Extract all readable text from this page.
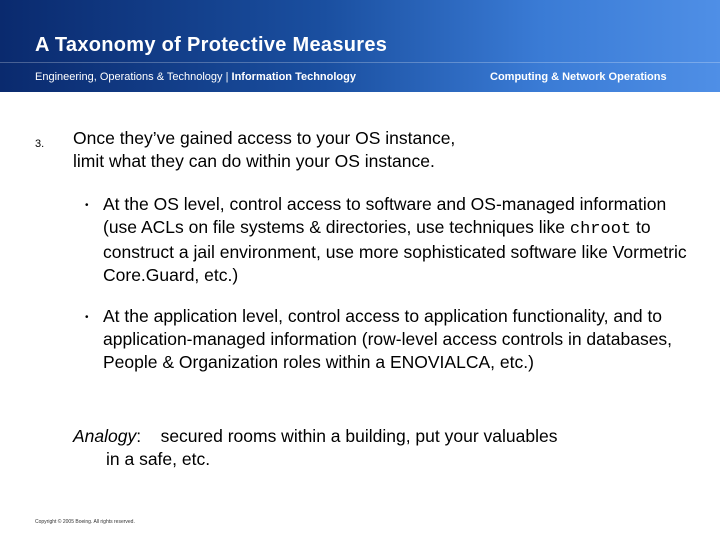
A Taxonomy of Protective Measures
Engineering, Operations & Technology | Information Technology	Computing & Network Operations
3. Once they’ve gained access to your OS instance,
limit what they can do within your OS instance.
• At the OS level, control access to software and OS-managed information (use ACLs on file systems & directories, use techniques like chroot to construct a jail environment, use more sophisticated software like Vormetric Core.Guard, etc.)
• At the application level, control access to application functionality, and to application-managed information (row-level access controls in databases, People & Organization roles within a ENOVIALCA, etc.)
Analogy: secured rooms within a building, put your valuables
in a safe, etc.
Copyright © 2005 Boeing. All rights reserved.
